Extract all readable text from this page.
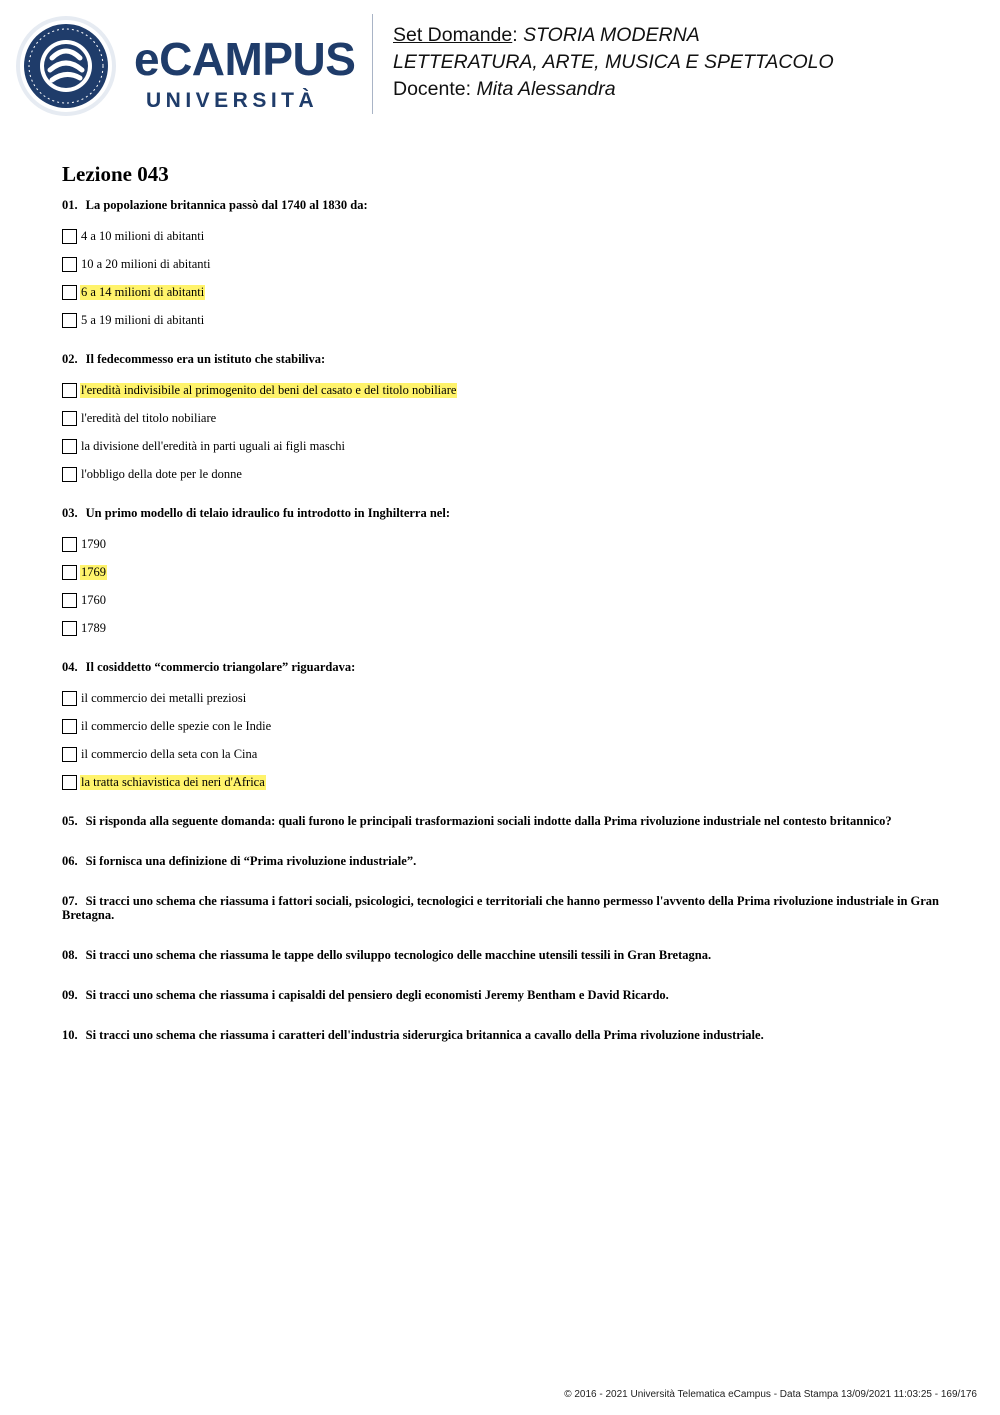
eCAMPUS
UNIVERSITÀ
Set Domande: STORIA MODERNA
LETTERATURA, ARTE, MUSICA E SPETTACOLO
Docente: Mita Alessandra
Lezione 043

01. La popolazione britannica passò dal 1740 al 1830 da:

4 a 10 milioni di abitanti
10 a 20 milioni di abitanti
6 a 14 milioni di abitanti
5 a 19 milioni di abitanti

02. Il fedecommesso era un istituto che stabiliva:

l'eredità indivisibile al primogenito del beni del casato e del titolo nobiliare
l'eredità del titolo nobiliare
la divisione dell'eredità in parti uguali ai figli maschi
l'obbligo della dote per le donne

03. Un primo modello di telaio idraulico fu introdotto in Inghilterra nel:

1790
1769
1760
1789

04. Il cosiddetto “commercio triangolare” riguardava:

il commercio dei metalli preziosi
il commercio delle spezie con le Indie
il commercio della seta con la Cina
la tratta schiavistica dei neri d'Africa

05. Si risponda alla seguente domanda: quali furono le principali trasformazioni sociali indotte dalla Prima rivoluzione industriale nel contesto britannico?

06. Si fornisca una definizione di “Prima rivoluzione industriale”.

07. Si tracci uno schema che riassuma i fattori sociali, psicologici, tecnologici e territoriali che hanno permesso l'avvento della Prima rivoluzione industriale in Gran Bretagna.

08. Si tracci uno schema che riassuma le tappe dello sviluppo tecnologico delle macchine utensili tessili in Gran Bretagna.

09. Si tracci uno schema che riassuma i capisaldi del pensiero degli economisti Jeremy Bentham e David Ricardo.

10. Si tracci uno schema che riassuma i caratteri dell'industria siderurgica britannica a cavallo della Prima rivoluzione industriale.

© 2016 - 2021 Università Telematica eCampus - Data Stampa 13/09/2021 11:03:25 - 169/176
